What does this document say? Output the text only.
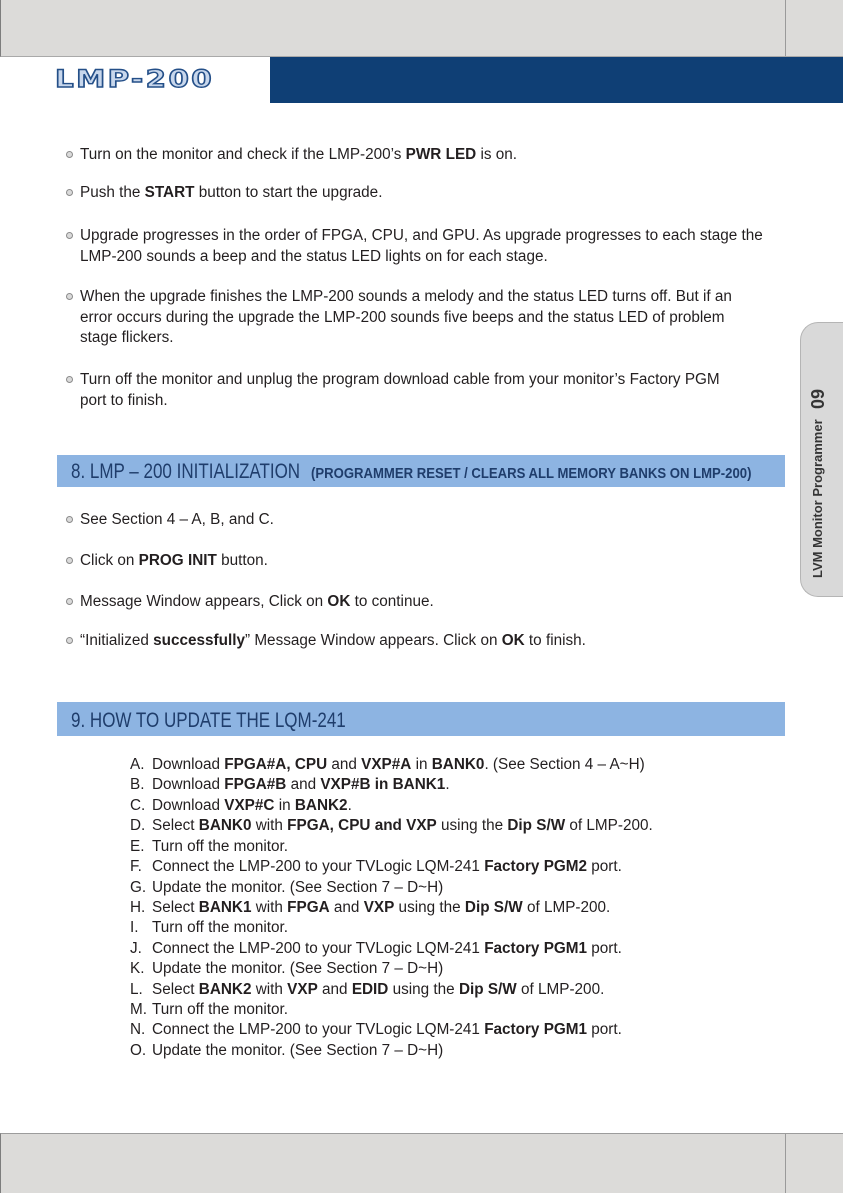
LMP-200
LVM Monitor Programmer 09
Turn on the monitor and check if the LMP-200’s PWR LED is on.
Push the START button to start the upgrade.
Upgrade progresses in the order of FPGA, CPU, and GPU. As upgrade progresses to each stage the
LMP-200 sounds a beep and the status LED lights on for each stage.
When the upgrade finishes the LMP-200 sounds a melody and the status LED turns off. But if an
error occurs during the upgrade the LMP-200 sounds five beeps and the status LED of problem
stage flickers.
Turn off the monitor and unplug the program download cable from your monitor’s Factory PGM
port to finish.
8. LMP – 200 INITIALIZATION (PROGRAMMER RESET / CLEARS ALL MEMORY BANKS ON LMP-200)
See Section 4 – A, B, and C.
Click on PROG INIT button.
Message Window appears, Click on OK to continue.
“Initialized successfully” Message Window appears. Click on OK to finish.
9. HOW TO UPDATE THE LQM-241
A. Download FPGA#A, CPU and VXP#A in BANK0. (See Section 4 – A~H)
B. Download FPGA#B and VXP#B in BANK1.
C. Download VXP#C in BANK2.
D. Select BANK0 with FPGA, CPU and VXP using the Dip S/W of LMP-200.
E. Turn off the monitor.
F. Connect the LMP-200 to your TVLogic LQM-241 Factory PGM2 port.
G. Update the monitor. (See Section 7 – D~H)
H. Select BANK1 with FPGA and VXP using the Dip S/W of LMP-200.
I. Turn off the monitor.
J. Connect the LMP-200 to your TVLogic LQM-241 Factory PGM1 port.
K. Update the monitor. (See Section 7 – D~H)
L. Select BANK2 with VXP and EDID using the Dip S/W of LMP-200.
M. Turn off the monitor.
N. Connect the LMP-200 to your TVLogic LQM-241 Factory PGM1 port.
O. Update the monitor. (See Section 7 – D~H)
